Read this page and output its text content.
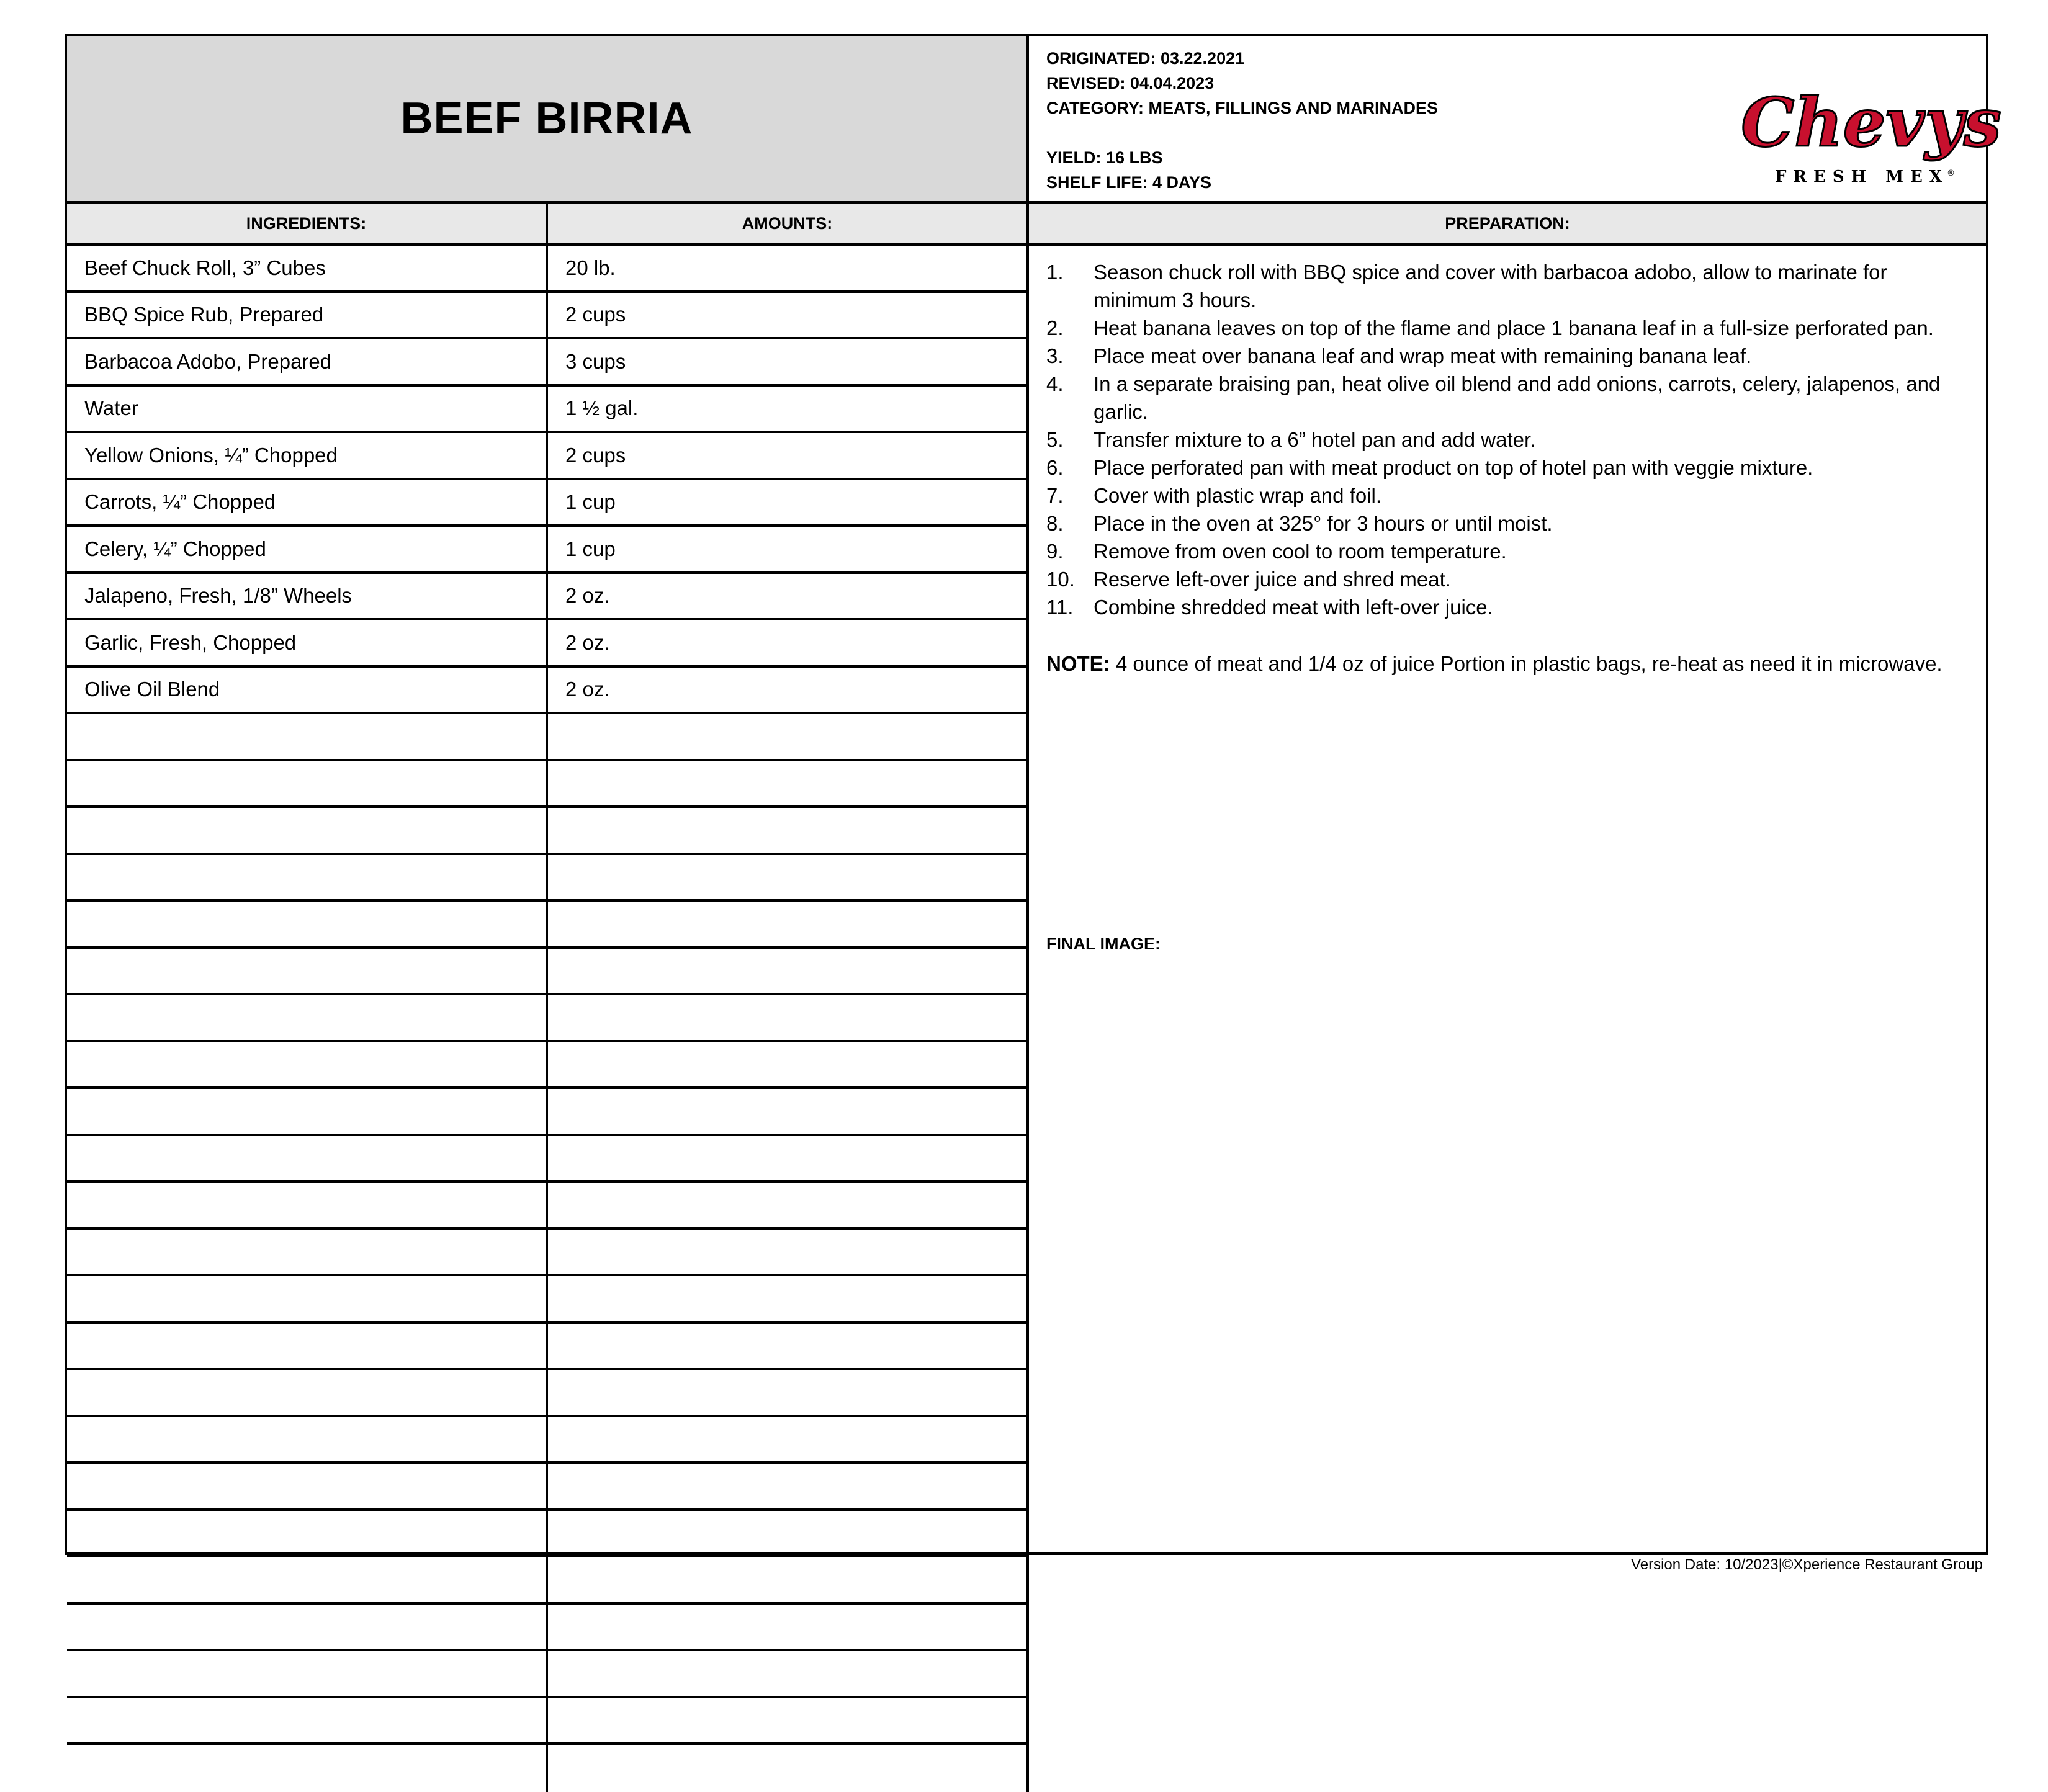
BEEF BIRRIA
ORIGINATED: 03.22.2021
REVISED: 04.04.2023
CATEGORY: MEATS, FILLINGS AND MARINADES
YIELD: 16 LBS
SHELF LIFE: 4 DAYS
Chevys
FRESH MEX
®
INGREDIENTS:	AMOUNTS:	PREPARATION:
Beef Chuck Roll, 3” Cubes	20 lb.
BBQ Spice Rub, Prepared	2 cups
Barbacoa Adobo, Prepared	3 cups
Water	1 ½ gal.
Yellow Onions, ¼” Chopped	2 cups
Carrots, ¼” Chopped	1 cup
Celery, ¼” Chopped	1 cup
Jalapeno, Fresh, 1/8” Wheels	2 oz.
Garlic, Fresh, Chopped	2 oz.
Olive Oil Blend	2 oz.
1.	Season chuck roll with BBQ spice and cover with barbacoa adobo, allow to marinate for minimum 3 hours.
2.	Heat banana leaves on top of the flame and place 1 banana leaf in a full-size perforated pan.
3.	Place meat over banana leaf and wrap meat with remaining banana leaf.
4.	In a separate braising pan, heat olive oil blend and add onions, carrots, celery, jalapenos, and garlic.
5.	Transfer mixture to a 6” hotel pan and add water.
6.	Place perforated pan with meat product on top of hotel pan with veggie mixture.
7.	Cover with plastic wrap and foil.
8.	Place in the oven at 325° for 3 hours or until moist.
9.	Remove from oven cool to room temperature.
10. Reserve left-over juice and shred meat.
11. Combine shredded meat with left-over juice.
NOTE: 4 ounce of meat and 1/4 oz of juice Portion in plastic bags, re-heat as need it in microwave.
FINAL IMAGE:
Version Date: 10/2023|©Xperience Restaurant Group
